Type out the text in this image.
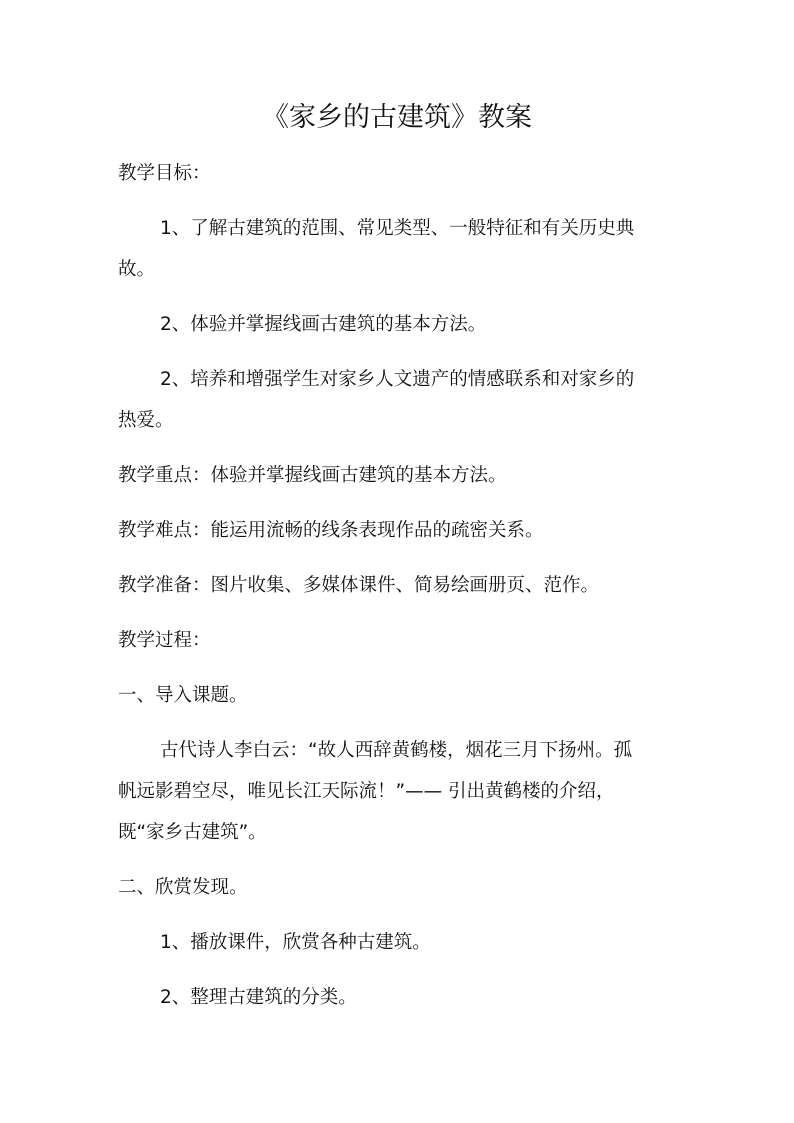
《家乡的古建筑》教案

教学目标：

1、了解古建筑的范围、常见类型、一般特征和有关历史典

故。

2、体验并掌握线画古建筑的基本方法。

2、培养和增强学生对家乡人文遗产的情感联系和对家乡的

热爱。

教学重点：体验并掌握线画古建筑的基本方法。

教学难点：能运用流畅的线条表现作品的疏密关系。

教学准备：图片收集、多媒体课件、简易绘画册页、范作。

教学过程：

一、导入课题。

古代诗人李白云：“故人西辞黄鹤楼，烟花三月下扬州。孤

帆远影碧空尽，唯见长江天际流！”—— 引出黄鹤楼的介绍，

既“家乡古建筑”。

二、欣赏发现。

1、播放课件，欣赏各种古建筑。

2、整理古建筑的分类。
